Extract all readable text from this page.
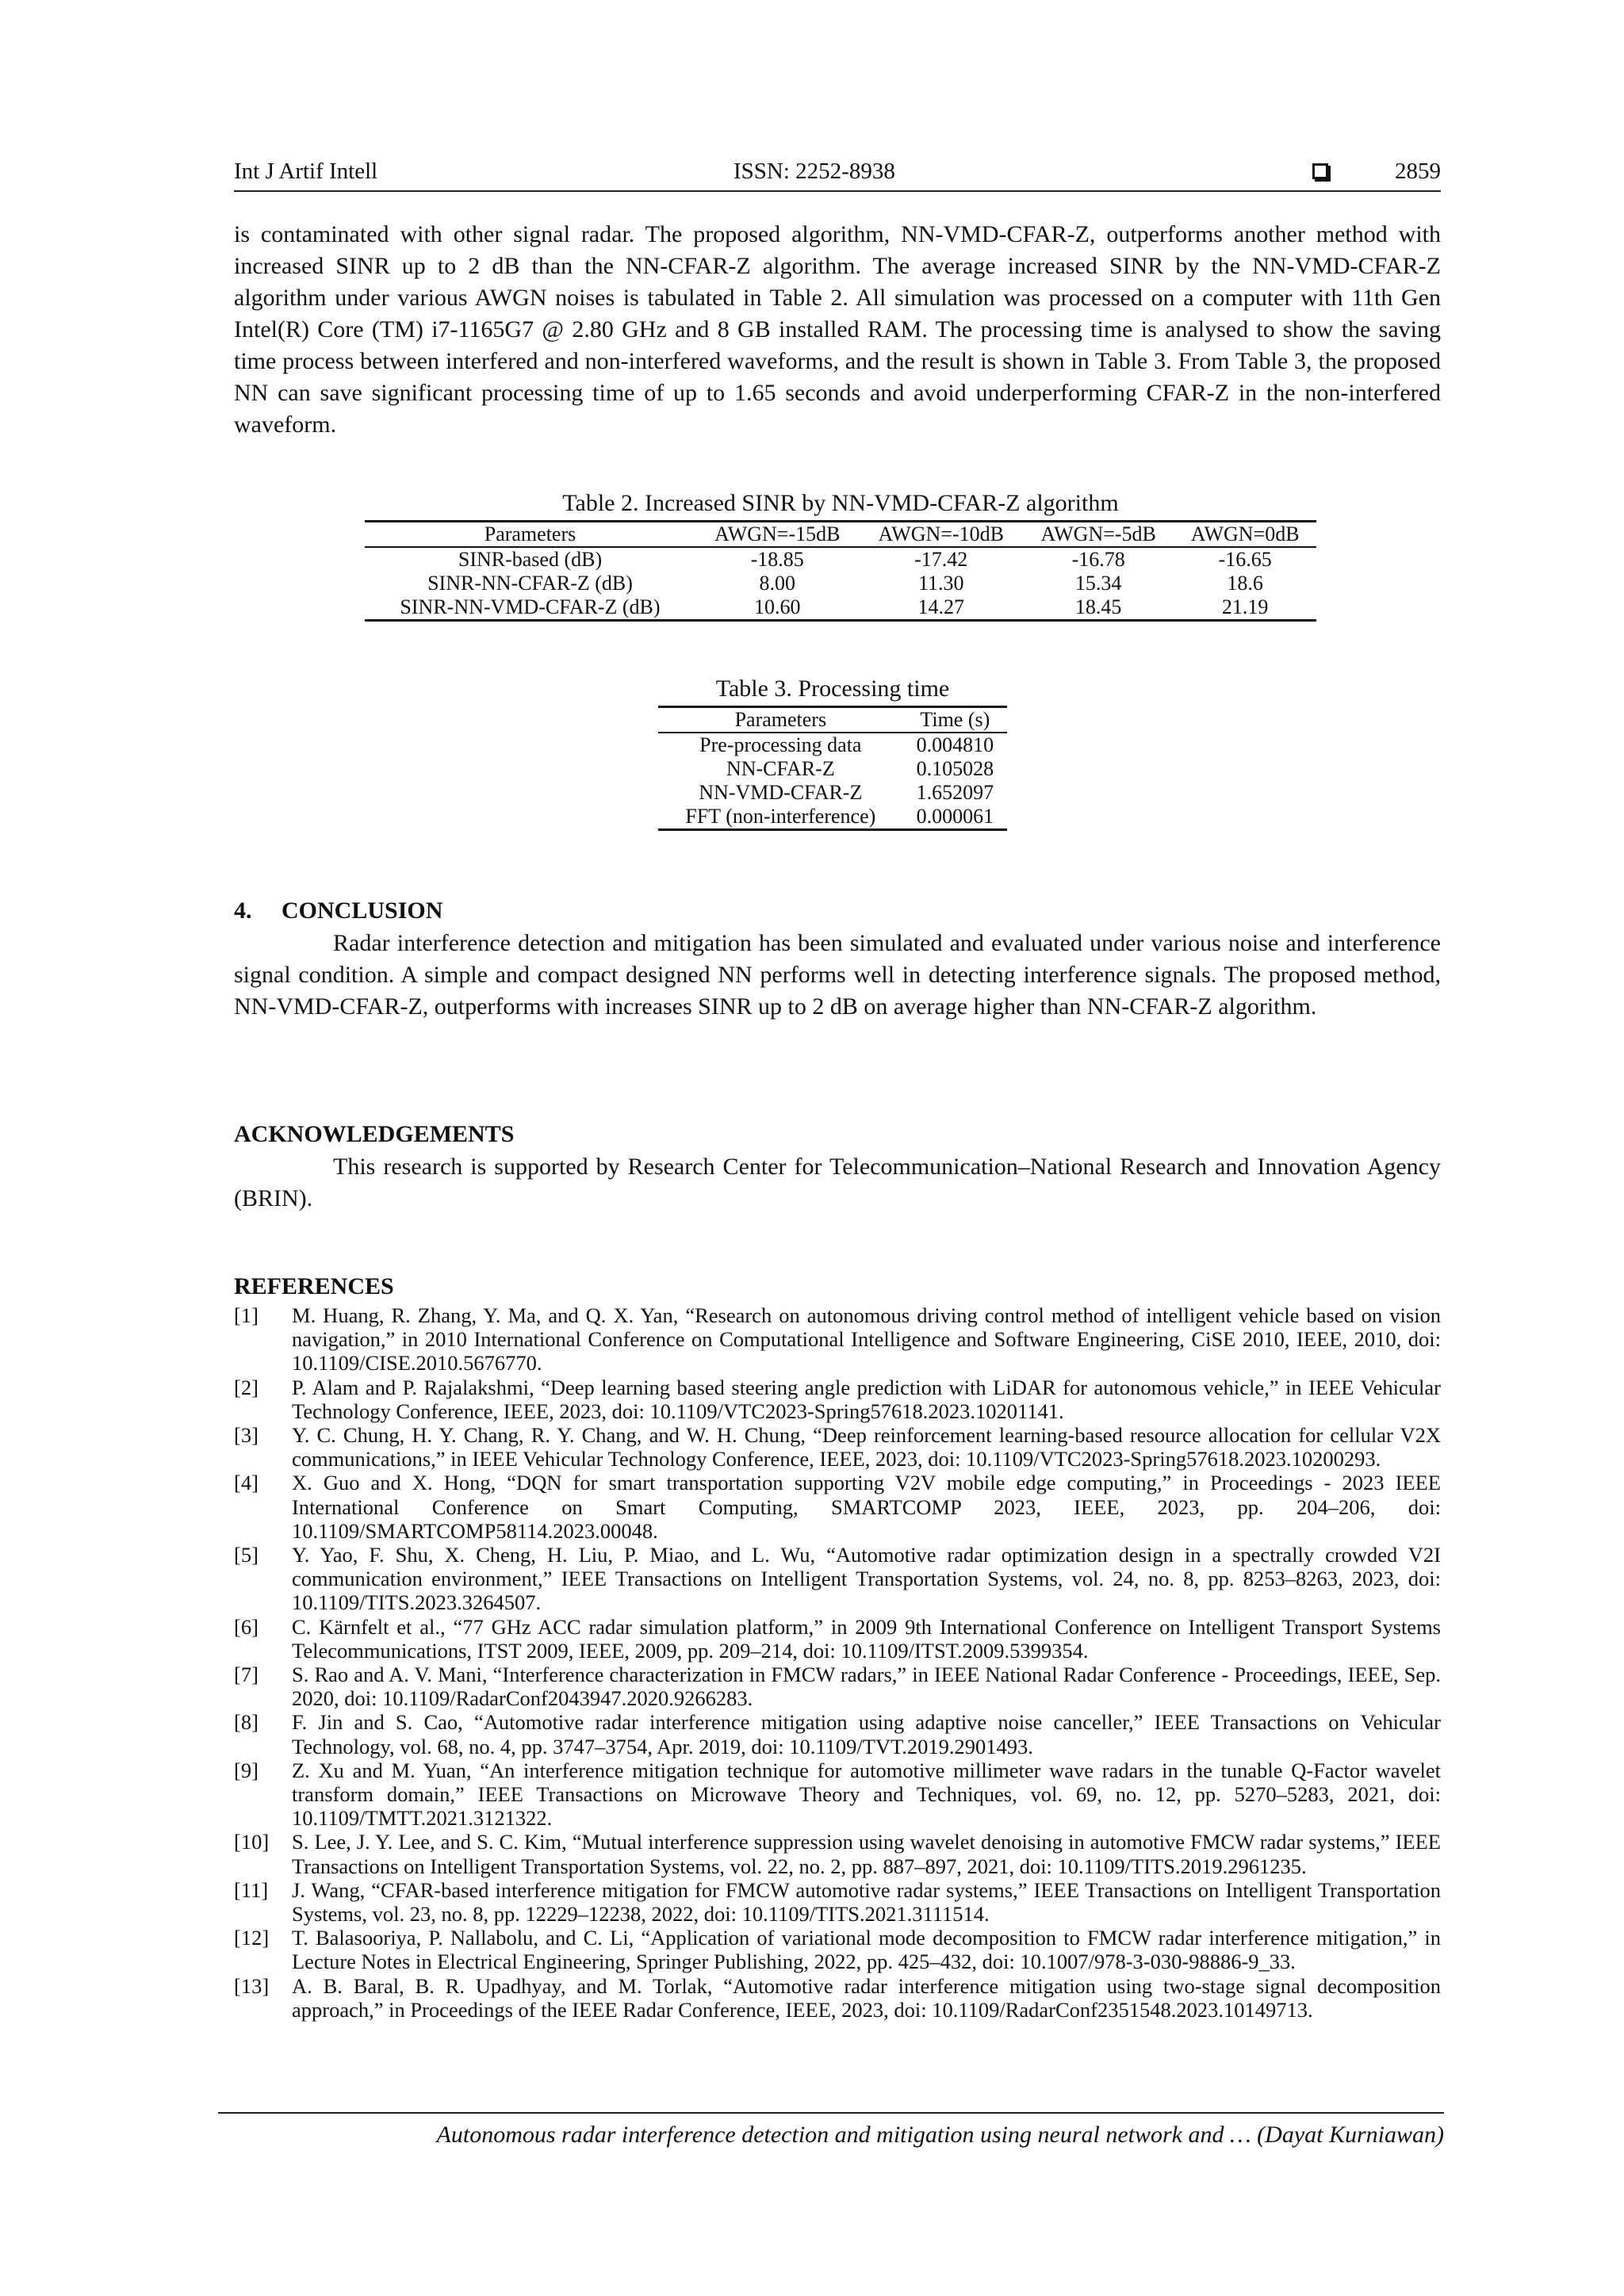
Int J Artif Intell	ISSN: 2252-8938	2859
is contaminated with other signal radar. The proposed algorithm, NN-VMD-CFAR-Z, outperforms another method with increased SINR up to 2 dB than the NN-CFAR-Z algorithm. The average increased SINR by the NN-VMD-CFAR-Z algorithm under various AWGN noises is tabulated in Table 2. All simulation was processed on a computer with 11th Gen Intel(R) Core (TM) i7-1165G7 @ 2.80 GHz and 8 GB installed RAM. The processing time is analysed to show the saving time process between interfered and non-interfered waveforms, and the result is shown in Table 3. From Table 3, the proposed NN can save significant processing time of up to 1.65 seconds and avoid underperforming CFAR-Z in the non-interfered waveform.
Table 2. Increased SINR by NN-VMD-CFAR-Z algorithm
Parameters	AWGN=-15dB	AWGN=-10dB	AWGN=-5dB	AWGN=0dB
SINR-based (dB)	-18.85	-17.42	-16.78	-16.65
SINR-NN-CFAR-Z (dB)	8.00	11.30	15.34	18.6
SINR-NN-VMD-CFAR-Z (dB)	10.60	14.27	18.45	21.19
Table 3. Processing time
Parameters	Time (s)
Pre-processing data	0.004810
NN-CFAR-Z	0.105028
NN-VMD-CFAR-Z	1.652097
FFT (non-interference)	0.000061
4.     CONCLUSION
Radar interference detection and mitigation has been simulated and evaluated under various noise and interference signal condition. A simple and compact designed NN performs well in detecting interference signals. The proposed method, NN-VMD-CFAR-Z, outperforms with increases SINR up to 2 dB on average higher than NN-CFAR-Z algorithm.
ACKNOWLEDGEMENTS
This research is supported by Research Center for Telecommunication–National Research and Innovation Agency (BRIN).
REFERENCES
[1] M. Huang, R. Zhang, Y. Ma, and Q. X. Yan, “Research on autonomous driving control method of intelligent vehicle based on vision navigation,” in 2010 International Conference on Computational Intelligence and Software Engineering, CiSE 2010, IEEE, 2010, doi: 10.1109/CISE.2010.5676770.
[2] P. Alam and P. Rajalakshmi, “Deep learning based steering angle prediction with LiDAR for autonomous vehicle,” in IEEE Vehicular Technology Conference, IEEE, 2023, doi: 10.1109/VTC2023-Spring57618.2023.10201141.
[3] Y. C. Chung, H. Y. Chang, R. Y. Chang, and W. H. Chung, “Deep reinforcement learning-based resource allocation for cellular V2X communications,” in IEEE Vehicular Technology Conference, IEEE, 2023, doi: 10.1109/VTC2023-Spring57618.2023.10200293.
[4] X. Guo and X. Hong, “DQN for smart transportation supporting V2V mobile edge computing,” in Proceedings - 2023 IEEE International Conference on Smart Computing, SMARTCOMP 2023, IEEE, 2023, pp. 204–206, doi: 10.1109/SMARTCOMP58114.2023.00048.
[5] Y. Yao, F. Shu, X. Cheng, H. Liu, P. Miao, and L. Wu, “Automotive radar optimization design in a spectrally crowded V2I communication environment,” IEEE Transactions on Intelligent Transportation Systems, vol. 24, no. 8, pp. 8253–8263, 2023, doi: 10.1109/TITS.2023.3264507.
[6] C. Kärnfelt et al., “77 GHz ACC radar simulation platform,” in 2009 9th International Conference on Intelligent Transport Systems Telecommunications, ITST 2009, IEEE, 2009, pp. 209–214, doi: 10.1109/ITST.2009.5399354.
[7] S. Rao and A. V. Mani, “Interference characterization in FMCW radars,” in IEEE National Radar Conference - Proceedings, IEEE, Sep. 2020, doi: 10.1109/RadarConf2043947.2020.9266283.
[8] F. Jin and S. Cao, “Automotive radar interference mitigation using adaptive noise canceller,” IEEE Transactions on Vehicular Technology, vol. 68, no. 4, pp. 3747–3754, Apr. 2019, doi: 10.1109/TVT.2019.2901493.
[9] Z. Xu and M. Yuan, “An interference mitigation technique for automotive millimeter wave radars in the tunable Q-Factor wavelet transform domain,” IEEE Transactions on Microwave Theory and Techniques, vol. 69, no. 12, pp. 5270–5283, 2021, doi: 10.1109/TMTT.2021.3121322.
[10] S. Lee, J. Y. Lee, and S. C. Kim, “Mutual interference suppression using wavelet denoising in automotive FMCW radar systems,” IEEE Transactions on Intelligent Transportation Systems, vol. 22, no. 2, pp. 887–897, 2021, doi: 10.1109/TITS.2019.2961235.
[11] J. Wang, “CFAR-based interference mitigation for FMCW automotive radar systems,” IEEE Transactions on Intelligent Transportation Systems, vol. 23, no. 8, pp. 12229–12238, 2022, doi: 10.1109/TITS.2021.3111514.
[12] T. Balasooriya, P. Nallabolu, and C. Li, “Application of variational mode decomposition to FMCW radar interference mitigation,” in Lecture Notes in Electrical Engineering, Springer Publishing, 2022, pp. 425–432, doi: 10.1007/978-3-030-98886-9_33.
[13] A. B. Baral, B. R. Upadhyay, and M. Torlak, “Automotive radar interference mitigation using two-stage signal decomposition approach,” in Proceedings of the IEEE Radar Conference, IEEE, 2023, doi: 10.1109/RadarConf2351548.2023.10149713.
Autonomous radar interference detection and mitigation using neural network and … (Dayat Kurniawan)
